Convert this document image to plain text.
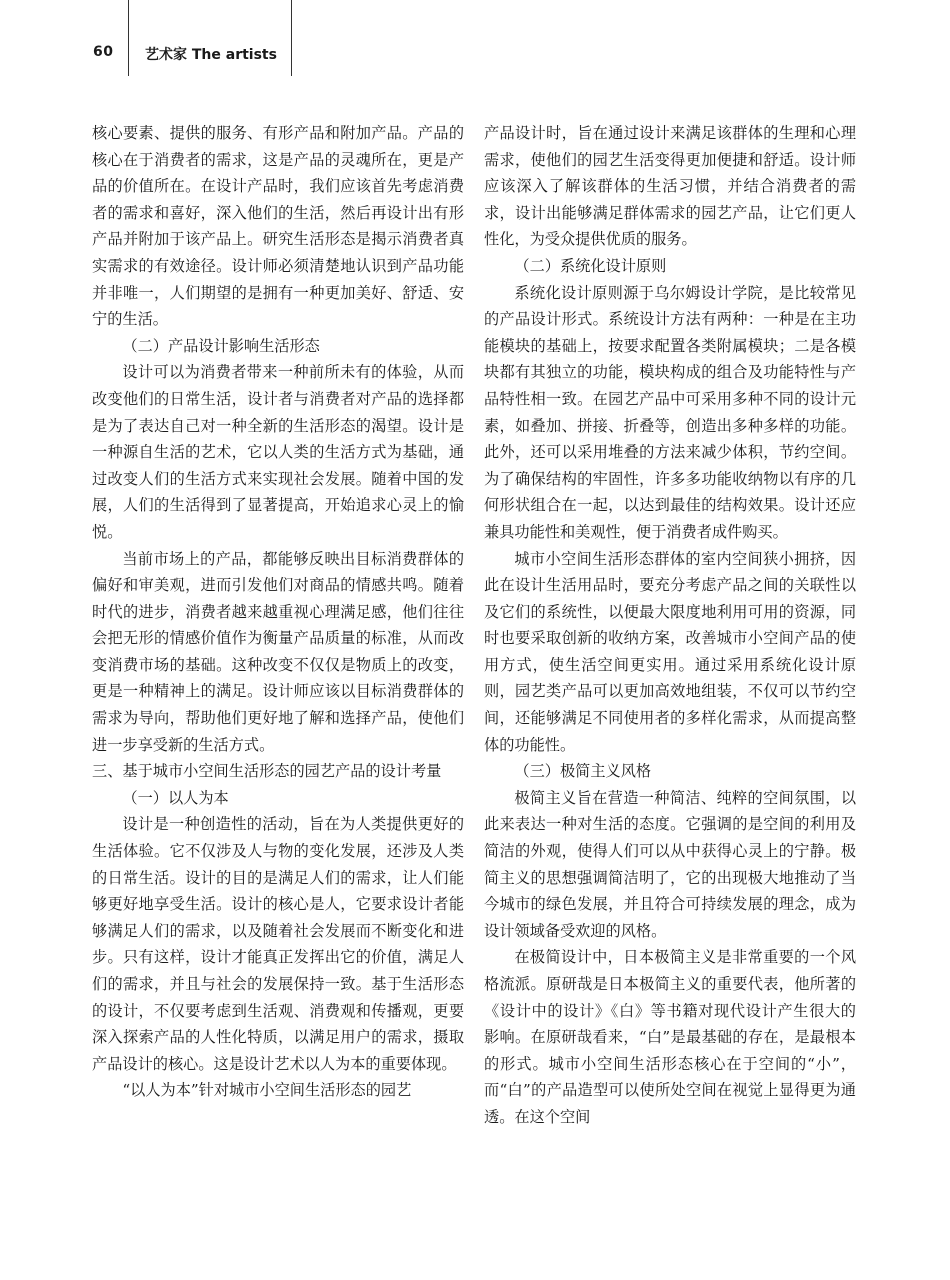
60 艺术家 The artists

核心要素、提供的服务、有形产品和附加产品。产品的核心在于消费者的需求，这是产品的灵魂所在，更是产品的价值所在。在设计产品时，我们应该首先考虑消费者的需求和喜好，深入他们的生活，然后再设计出有形产品并附加于该产品上。研究生活形态是揭示消费者真实需求的有效途径。设计师必须清楚地认识到产品功能并非唯一，人们期望的是拥有一种更加美好、舒适、安宁的生活。

（二）产品设计影响生活形态

设计可以为消费者带来一种前所未有的体验，从而改变他们的日常生活，设计者与消费者对产品的选择都是为了表达自己对一种全新的生活形态的渴望。设计是一种源自生活的艺术，它以人类的生活方式为基础，通过改变人们的生活方式来实现社会发展。随着中国的发展，人们的生活得到了显著提高，开始追求心灵上的愉悦。

当前市场上的产品，都能够反映出目标消费群体的偏好和审美观，进而引发他们对商品的情感共鸣。随着时代的进步，消费者越来越重视心理满足感，他们往往会把无形的情感价值作为衡量产品质量的标准，从而改变消费市场的基础。这种改变不仅仅是物质上的改变，更是一种精神上的满足。设计师应该以目标消费群体的需求为导向，帮助他们更好地了解和选择产品，使他们进一步享受新的生活方式。

三、基于城市小空间生活形态的园艺产品的设计考量

（一）以人为本

设计是一种创造性的活动，旨在为人类提供更好的生活体验。它不仅涉及人与物的变化发展，还涉及人类的日常生活。设计的目的是满足人们的需求，让人们能够更好地享受生活。设计的核心是人，它要求设计者能够满足人们的需求，以及随着社会发展而不断变化和进步。只有这样，设计才能真正发挥出它的价值，满足人们的需求，并且与社会的发展保持一致。基于生活形态的设计，不仅要考虑到生活观、消费观和传播观，更要深入探索产品的人性化特质，以满足用户的需求，摄取产品设计的核心。这是设计艺术以人为本的重要体现。

“以人为本”针对城市小空间生活形态的园艺

产品设计时，旨在通过设计来满足该群体的生理和心理需求，使他们的园艺生活变得更加便捷和舒适。设计师应该深入了解该群体的生活习惯，并结合消费者的需求，设计出能够满足群体需求的园艺产品，让它们更人性化，为受众提供优质的服务。

（二）系统化设计原则

系统化设计原则源于乌尔姆设计学院，是比较常见的产品设计形式。系统设计方法有两种：一种是在主功能模块的基础上，按要求配置各类附属模块；二是各模块都有其独立的功能，模块构成的组合及功能特性与产品特性相一致。在园艺产品中可采用多种不同的设计元素，如叠加、拼接、折叠等，创造出多种多样的功能。此外，还可以采用堆叠的方法来减少体积，节约空间。为了确保结构的牢固性，许多多功能收纳物以有序的几何形状组合在一起，以达到最佳的结构效果。设计还应兼具功能性和美观性，便于消费者成件购买。

城市小空间生活形态群体的室内空间狭小拥挤，因此在设计生活用品时，要充分考虑产品之间的关联性以及它们的系统性，以便最大限度地利用可用的资源，同时也要采取创新的收纳方案，改善城市小空间产品的使用方式，使生活空间更实用。通过采用系统化设计原则，园艺类产品可以更加高效地组装，不仅可以节约空间，还能够满足不同使用者的多样化需求，从而提高整体的功能性。

（三）极简主义风格

极简主义旨在营造一种简洁、纯粹的空间氛围，以此来表达一种对生活的态度。它强调的是空间的利用及简洁的外观，使得人们可以从中获得心灵上的宁静。极简主义的思想强调简洁明了，它的出现极大地推动了当今城市的绿色发展，并且符合可持续发展的理念，成为设计领域备受欢迎的风格。

在极简设计中，日本极简主义是非常重要的一个风格流派。原研哉是日本极简主义的重要代表，他所著的《设计中的设计》《白》等书籍对现代设计产生很大的影响。在原研哉看来，“白”是最基础的存在，是最根本的形式。城市小空间生活形态核心在于空间的“小”，而“白”的产品造型可以使所处空间在视觉上显得更为通透。在这个空间
